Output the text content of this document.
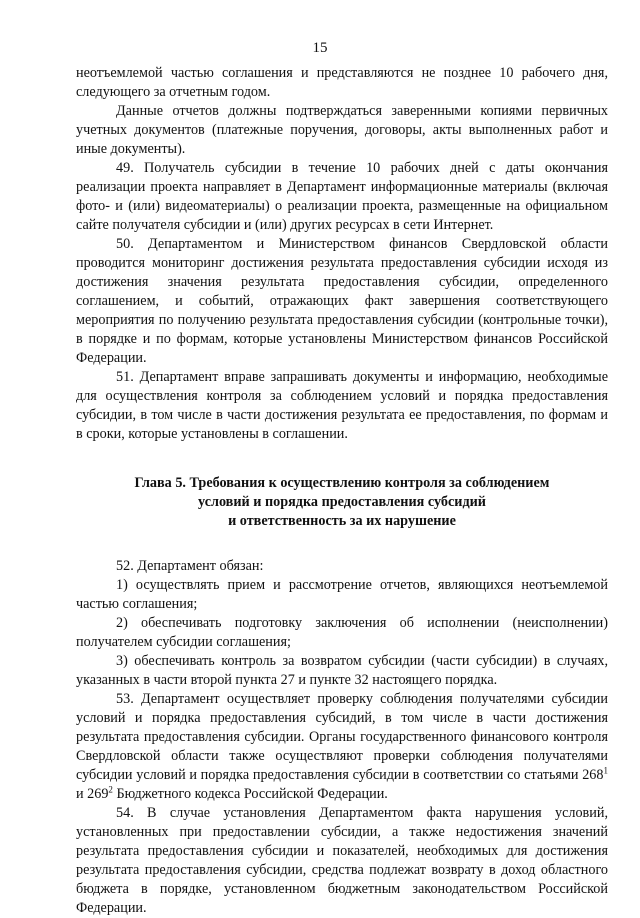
15

неотъемлемой частью соглашения и представляются не позднее 10 рабочего дня, следующего за отчетным годом.

Данные отчетов должны подтверждаться заверенными копиями первичных учетных документов (платежные поручения, договоры, акты выполненных работ и иные документы).

49. Получатель субсидии в течение 10 рабочих дней с даты окончания реализации проекта направляет в Департамент информационные материалы (включая фото- и (или) видеоматериалы) о реализации проекта, размещенные на официальном сайте получателя субсидии и (или) других ресурсах в сети Интернет.

50. Департаментом и Министерством финансов Свердловской области проводится мониторинг достижения результата предоставления субсидии исходя из достижения значения результата предоставления субсидии, определенного соглашением, и событий, отражающих факт завершения соответствующего мероприятия по получению результата предоставления субсидии (контрольные точки), в порядке и по формам, которые установлены Министерством финансов Российской Федерации.

51. Департамент вправе запрашивать документы и информацию, необходимые для осуществления контроля за соблюдением условий и порядка предоставления субсидии, в том числе в части достижения результата ее предоставления, по формам и в сроки, которые установлены в соглашении.

Глава 5. Требования к осуществлению контроля за соблюдением
условий и порядка предоставления субсидий
и ответственность за их нарушение

52. Департамент обязан:

1) осуществлять прием и рассмотрение отчетов, являющихся неотъемлемой частью соглашения;

2) обеспечивать подготовку заключения об исполнении (неисполнении) получателем субсидии соглашения;

3) обеспечивать контроль за возвратом субсидии (части субсидии) в случаях, указанных в части второй пункта 27 и пункте 32 настоящего порядка.

53. Департамент осуществляет проверку соблюдения получателями субсидии условий и порядка предоставления субсидий, в том числе в части достижения результата предоставления субсидии. Органы государственного финансового контроля Свердловской области также осуществляют проверки соблюдения получателями субсидии условий и порядка предоставления субсидии в соответствии со статьями $268^1$ и $269^2$ Бюджетного кодекса Российской Федерации.

54. В случае установления Департаментом факта нарушения условий, установленных при предоставлении субсидии, а также недостижения значений результата предоставления субсидии и показателей, необходимых для достижения результата предоставления субсидии, средства подлежат возврату в доход областного бюджета в порядке, установленном бюджетным законодательством Российской Федерации.
